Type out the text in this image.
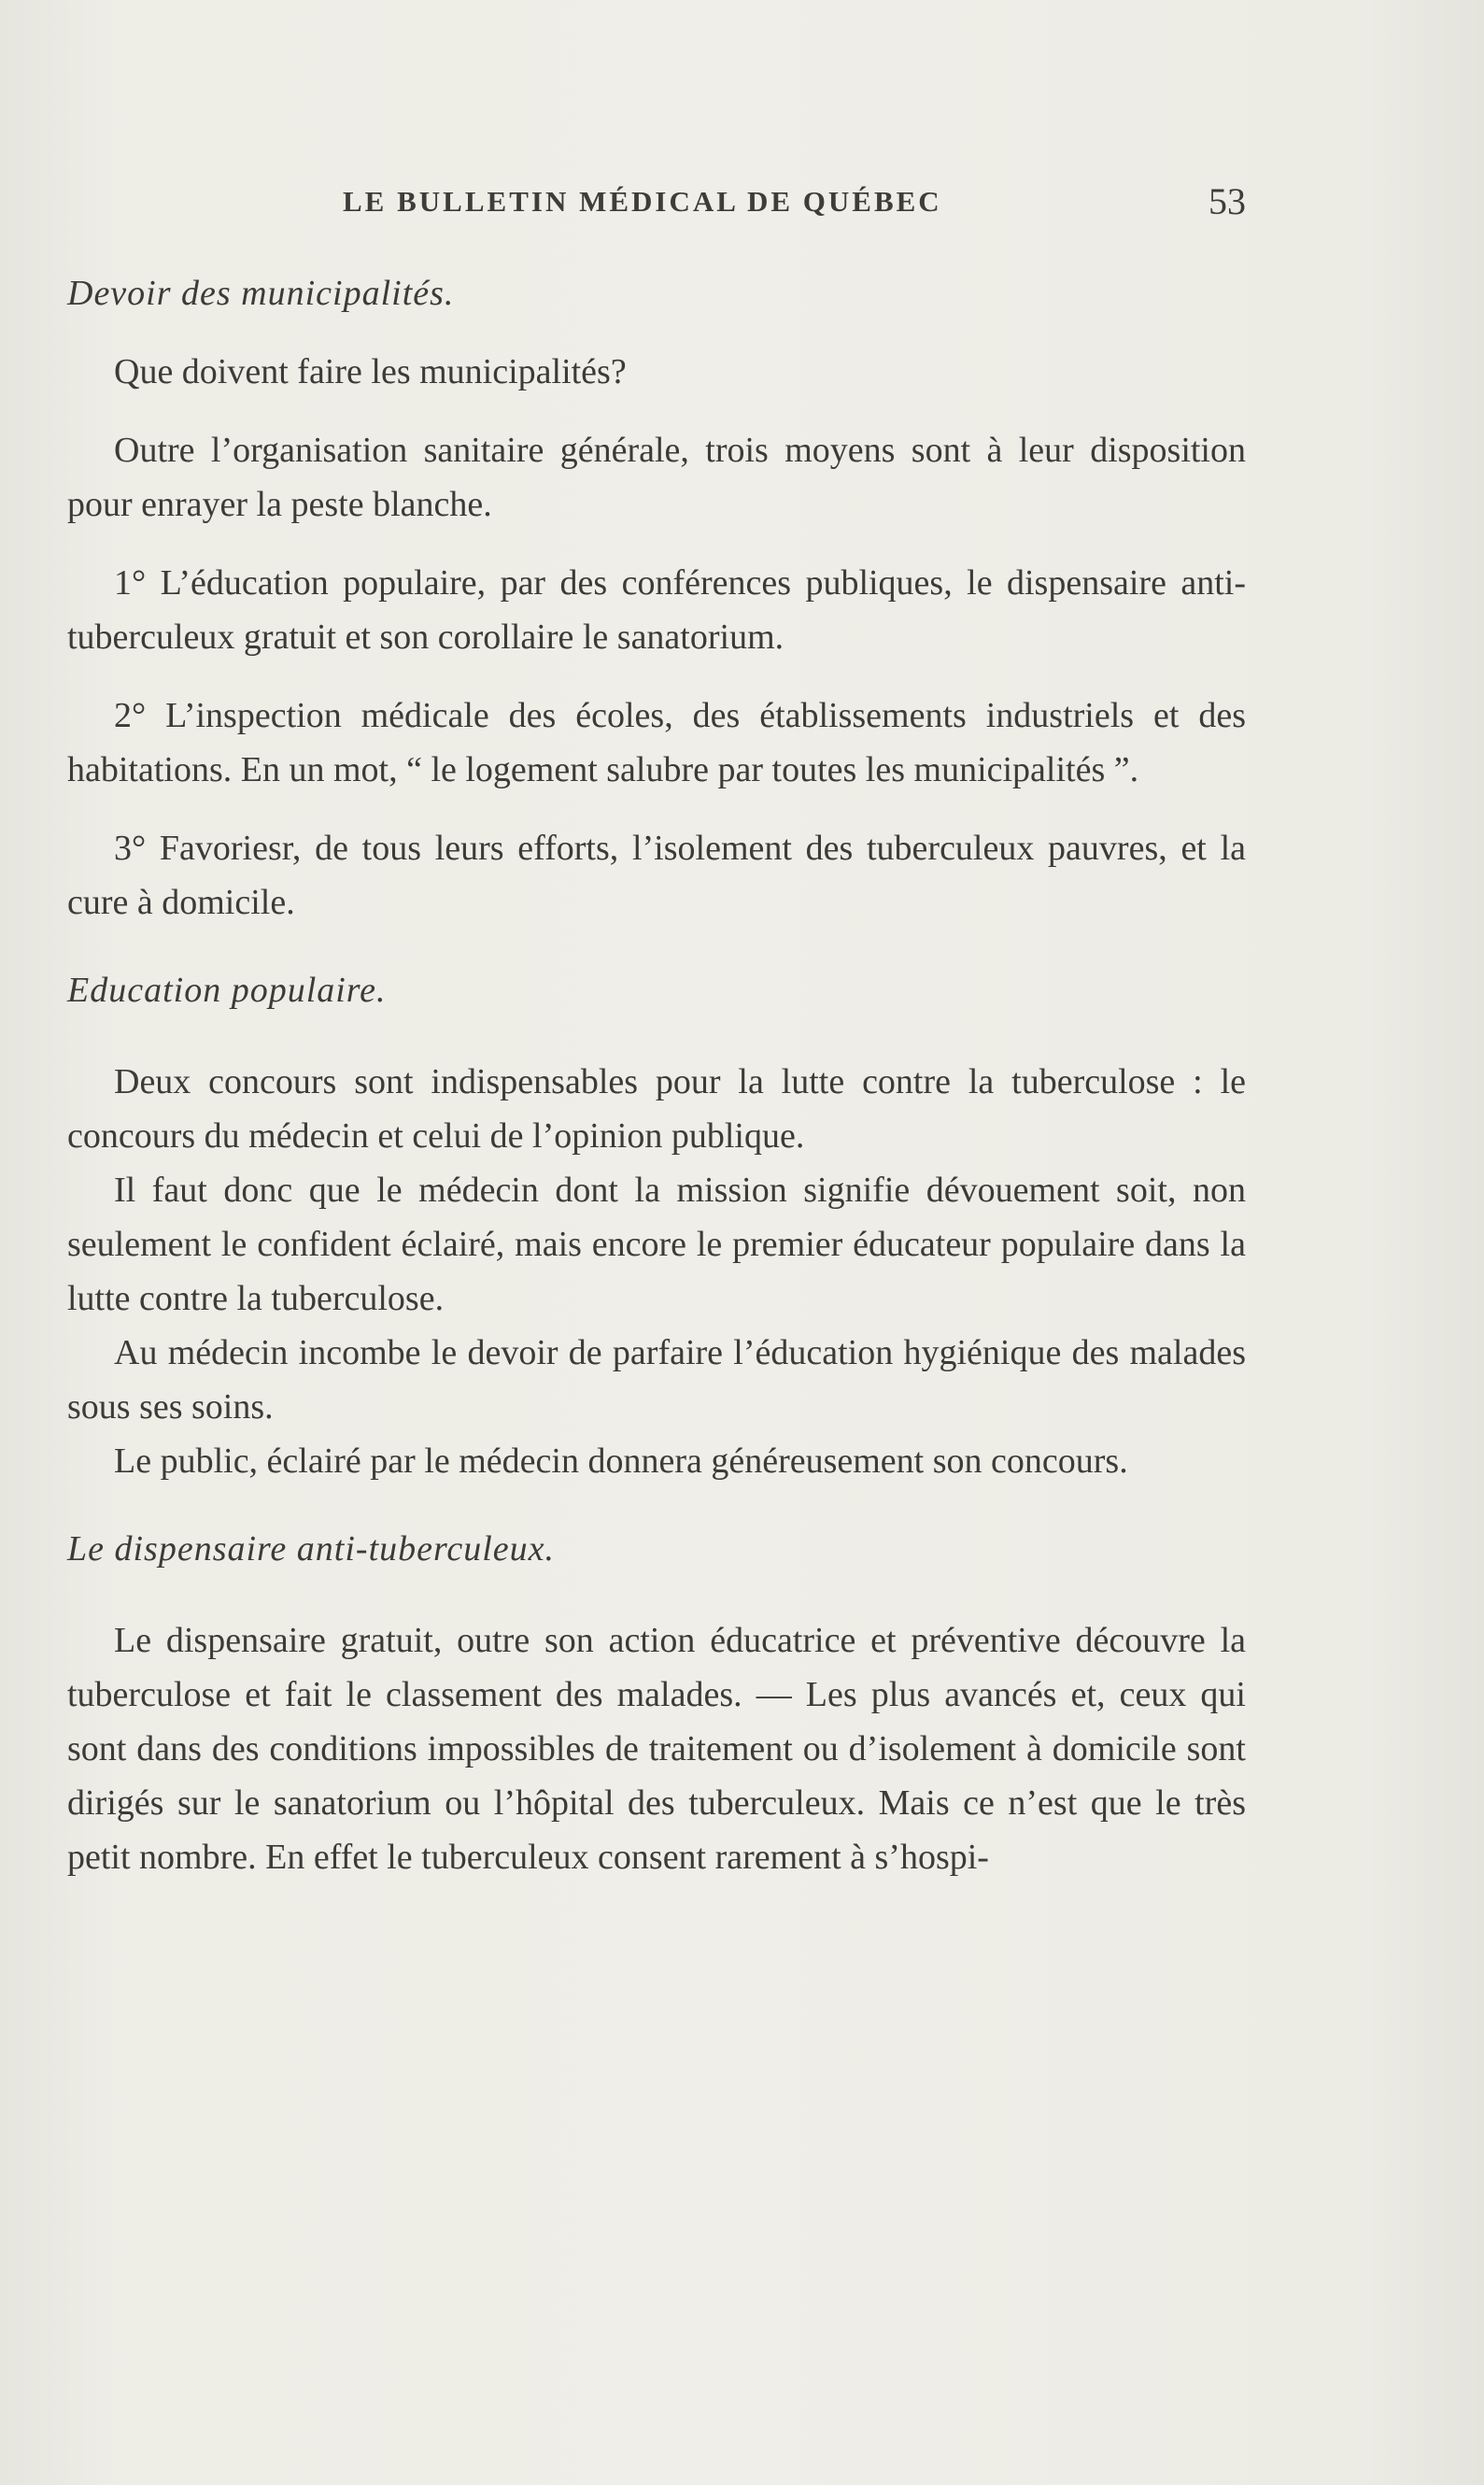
LE BULLETIN MÉDICAL DE QUÉBEC	53
Devoir des municipalités.

Que doivent faire les municipalités?

Outre l’organisation sanitaire générale, trois moyens sont à leur disposition pour enrayer la peste blanche.

1° L’éducation populaire, par des conférences publiques, le dispensaire anti-tuberculeux gratuit et son corollaire le sanatorium.

2° L’inspection médicale des écoles, des établissements industriels et des habitations. En un mot, “ le logement salubre par toutes les municipalités ”.

3° Favoriesr, de tous leurs efforts, l’isolement des tuberculeux pauvres, et la cure à domicile.

Education populaire.

Deux concours sont indispensables pour la lutte contre la tuberculose : le concours du médecin et celui de l’opinion publique.

Il faut donc que le médecin dont la mission signifie dévouement soit, non seulement le confident éclairé, mais encore le premier éducateur populaire dans la lutte contre la tuberculose.

Au médecin incombe le devoir de parfaire l’éducation hygiénique des malades sous ses soins.

Le public, éclairé par le médecin donnera généreusement son concours.

Le dispensaire anti-tuberculeux.

Le dispensaire gratuit, outre son action éducatrice et préventive découvre la tuberculose et fait le classement des malades. — Les plus avancés et, ceux qui sont dans des conditions impossibles de traitement ou d’isolement à domicile sont dirigés sur le sanatorium ou l’hôpital des tuberculeux. Mais ce n’est que le très petit nombre. En effet le tuberculeux consent rarement à s’hospi-
